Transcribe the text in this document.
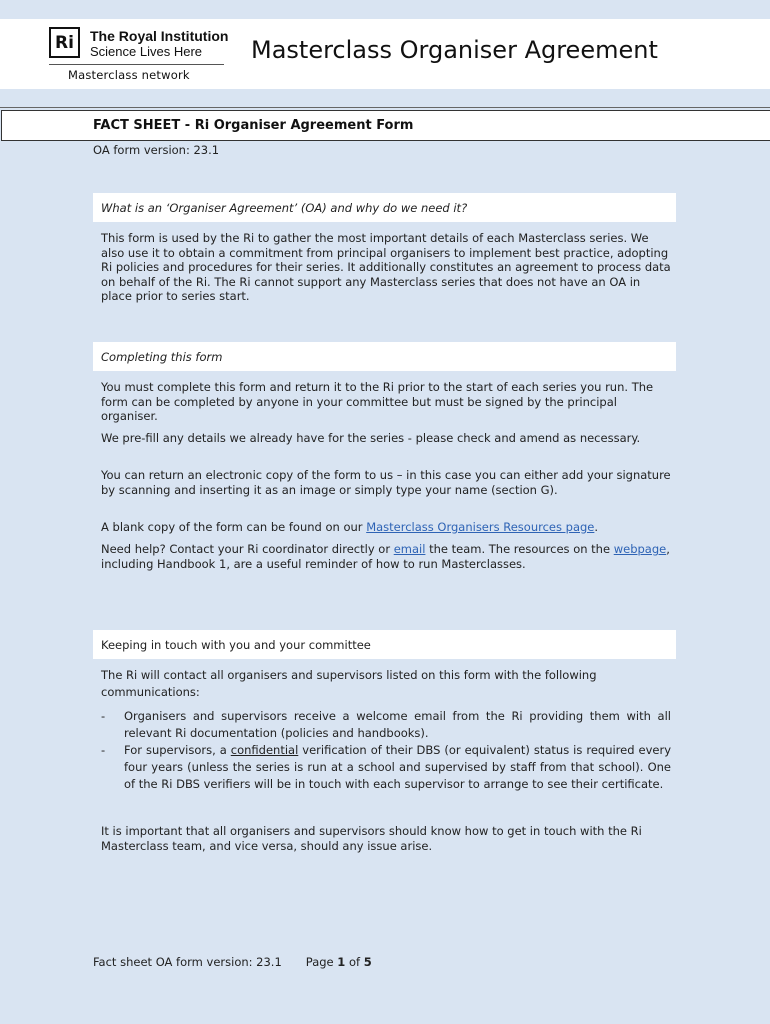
Ri	The Royal Institution
Science Lives Here
Masterclass network
Masterclass Organiser Agreement
FACT SHEET - Ri Organiser Agreement Form
OA form version: 23.1
What is an ‘Organiser Agreement’ (OA) and why do we need it?

This form is used by the Ri to gather the most important details of each Masterclass series. We also use it to obtain a commitment from principal organisers to implement best practice, adopting Ri policies and procedures for their series. It additionally constitutes an agreement to process data on behalf of the Ri. The Ri cannot support any Masterclass series that does not have an OA in place prior to series start.

Completing this form

You must complete this form and return it to the Ri prior to the start of each series you run. The form can be completed by anyone in your committee but must be signed by the principal organiser.

We pre-fill any details we already have for the series - please check and amend as necessary.

You can return an electronic copy of the form to us – in this case you can either add your signature by scanning and inserting it as an image or simply type your name (section G).

A blank copy of the form can be found on our Masterclass Organisers Resources page.

Need help? Contact your Ri coordinator directly or email the team. The resources on the webpage, including Handbook 1, are a useful reminder of how to run Masterclasses.

Keeping in touch with you and your committee

The Ri will contact all organisers and supervisors listed on this form with the following communications:

- Organisers and supervisors receive a welcome email from the Ri providing them with all relevant Ri documentation (policies and handbooks).
- For supervisors, a confidential verification of their DBS (or equivalent) status is required every four years (unless the series is run at a school and supervised by staff from that school). One of the Ri DBS verifiers will be in touch with each supervisor to arrange to see their certificate.

It is important that all organisers and supervisors should know how to get in touch with the Ri Masterclass team, and vice versa, should any issue arise.

Fact sheet OA form version: 23.1 Page 1 of 5
